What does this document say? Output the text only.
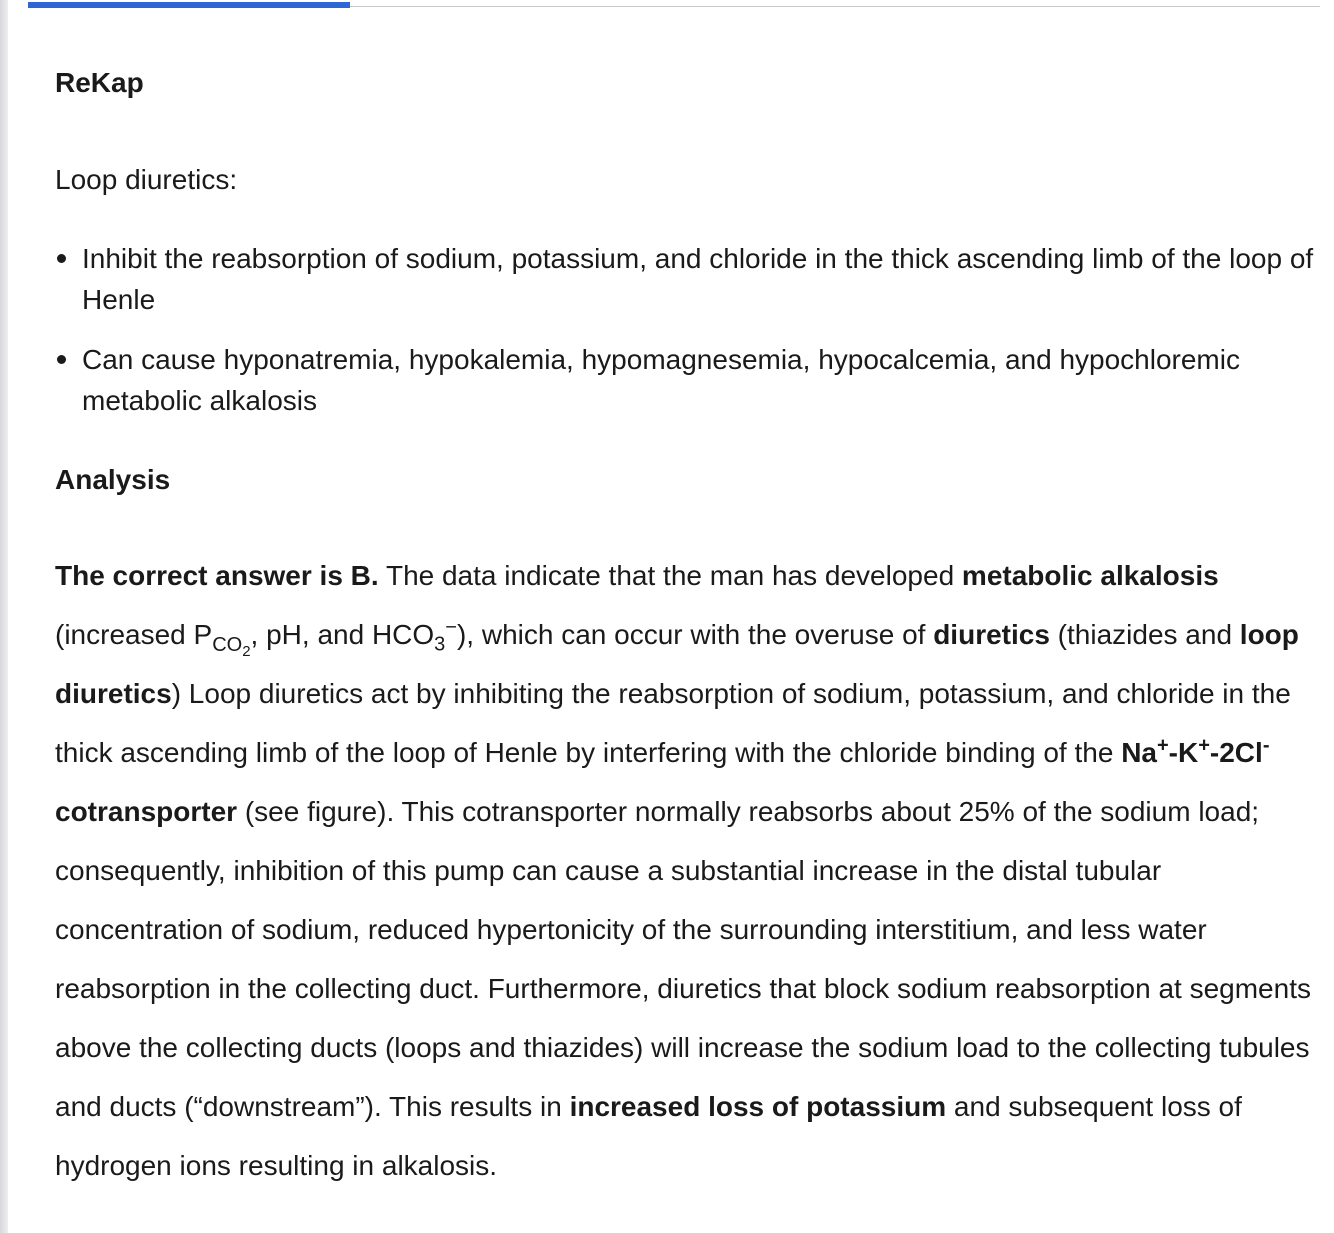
ReKap

Loop diuretics:

Inhibit the reabsorption of sodium, potassium, and chloride in the thick ascending limb of the loop of Henle
Can cause hyponatremia, hypokalemia, hypomagnesemia, hypocalcemia, and hypochloremic metabolic alkalosis
Analysis

The correct answer is B. The data indicate that the man has developed metabolic alkalosis (increased $P_{CO_2}$, pH, and $HCO_3^-$), which can occur with the overuse of diuretics (thiazides and loop diuretics) Loop diuretics act by inhibiting the reabsorption of sodium, potassium, and chloride in the thick ascending limb of the loop of Henle by interfering with the chloride binding of the Na+-K+-2Cl- cotransporter (see figure). This cotransporter normally reabsorbs about 25% of the sodium load; consequently, inhibition of this pump can cause a substantial increase in the distal tubular concentration of sodium, reduced hypertonicity of the surrounding interstitium, and less water reabsorption in the collecting duct. Furthermore, diuretics that block sodium reabsorption at segments above the collecting ducts (loops and thiazides) will increase the sodium load to the collecting tubules and ducts (“downstream”). This results in increased loss of potassium and subsequent loss of hydrogen ions resulting in alkalosis.
